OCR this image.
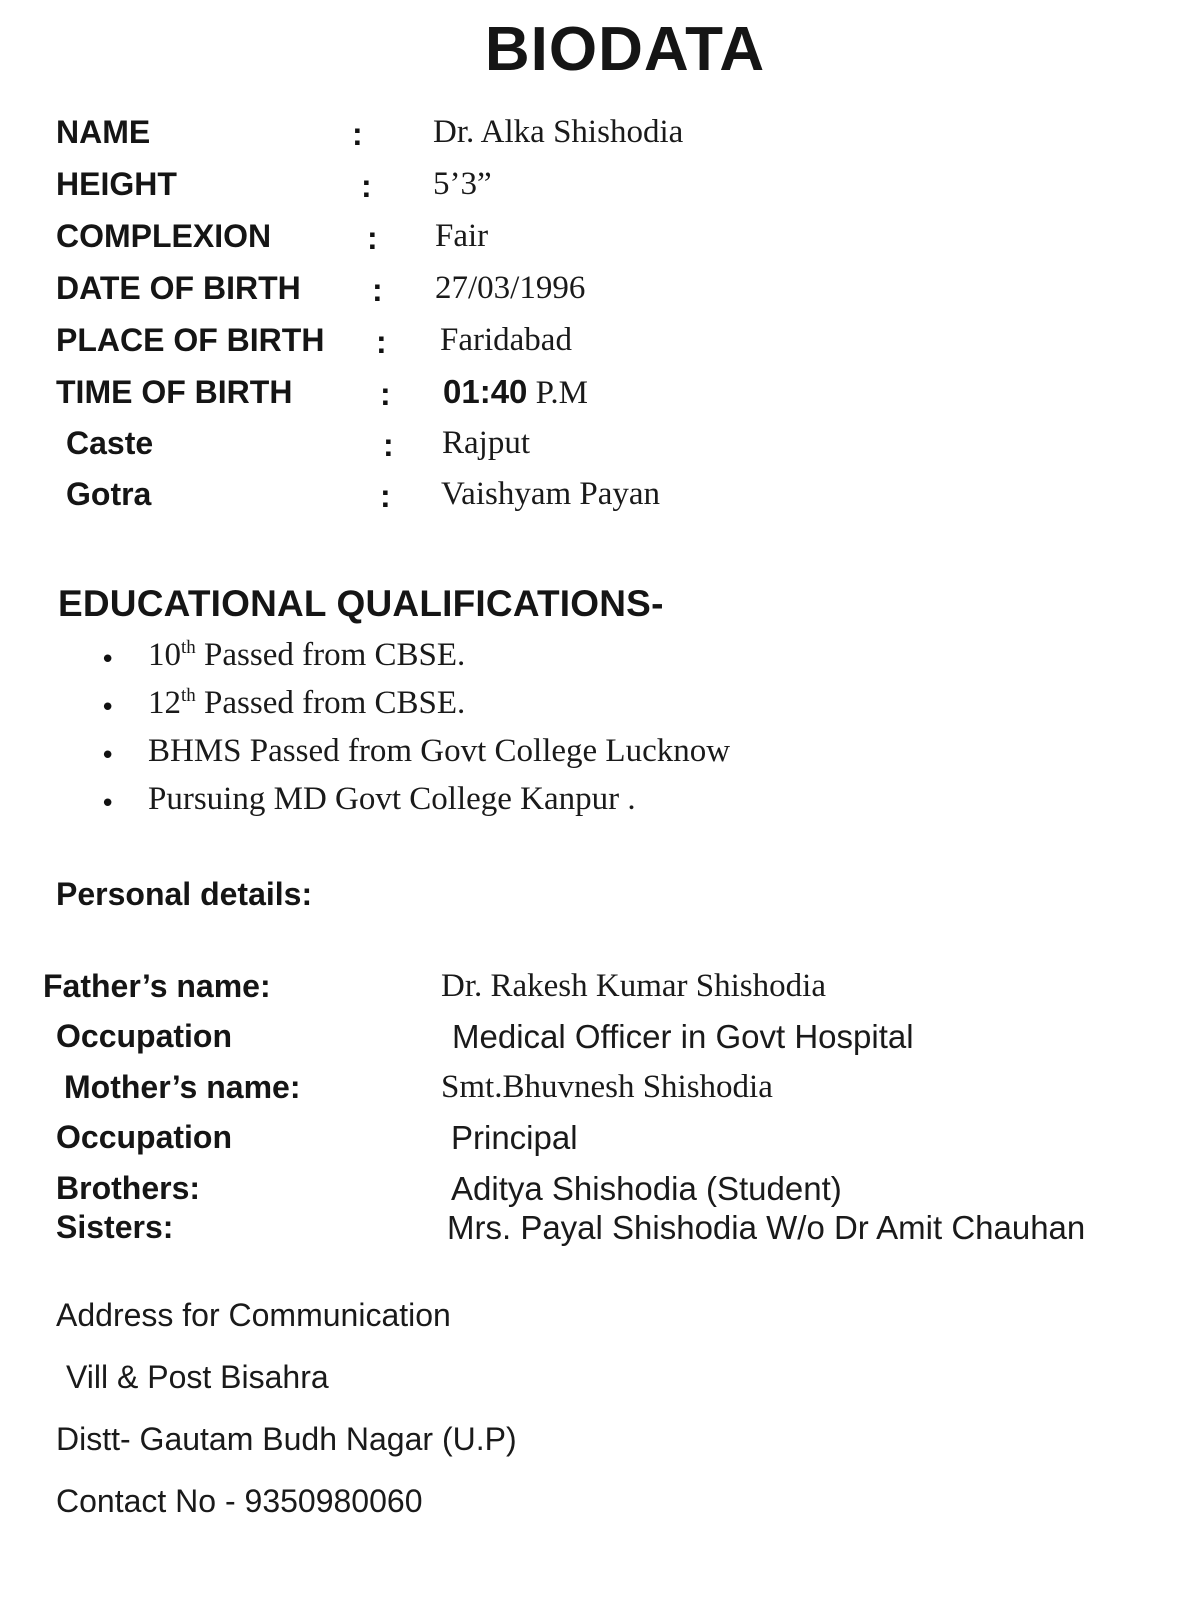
BIODATA
NAME	: Dr. Alka Shishodia
HEIGHT	: 5’3”
COMPLEXION	: Fair
DATE OF BIRTH : 27/03/1996
PLACE OF BIRTH : Faridabad
TIME OF BIRTH	: 01:40 P.M
Caste	: Rajput
Gotra	: Vaishyam Payan
EDUCATIONAL QUALIFICATIONS-
• 10th Passed from CBSE.
• 12th Passed from CBSE.
• BHMS Passed from Govt College Lucknow
• Pursuing MD Govt College Kanpur .
Personal details:
Father’s name:	Dr. Rakesh Kumar Shishodia
Occupation	Medical Officer in Govt Hospital
Mother’s name:	Smt.Bhuvnesh Shishodia
Occupation	Principal
Brothers:	Aditya Shishodia (Student)
Sisters:	Mrs. Payal Shishodia W/o Dr Amit Chauhan
Address for Communication
Vill & Post Bisahra
Distt- Gautam Budh Nagar (U.P)
Contact No - 9350980060
